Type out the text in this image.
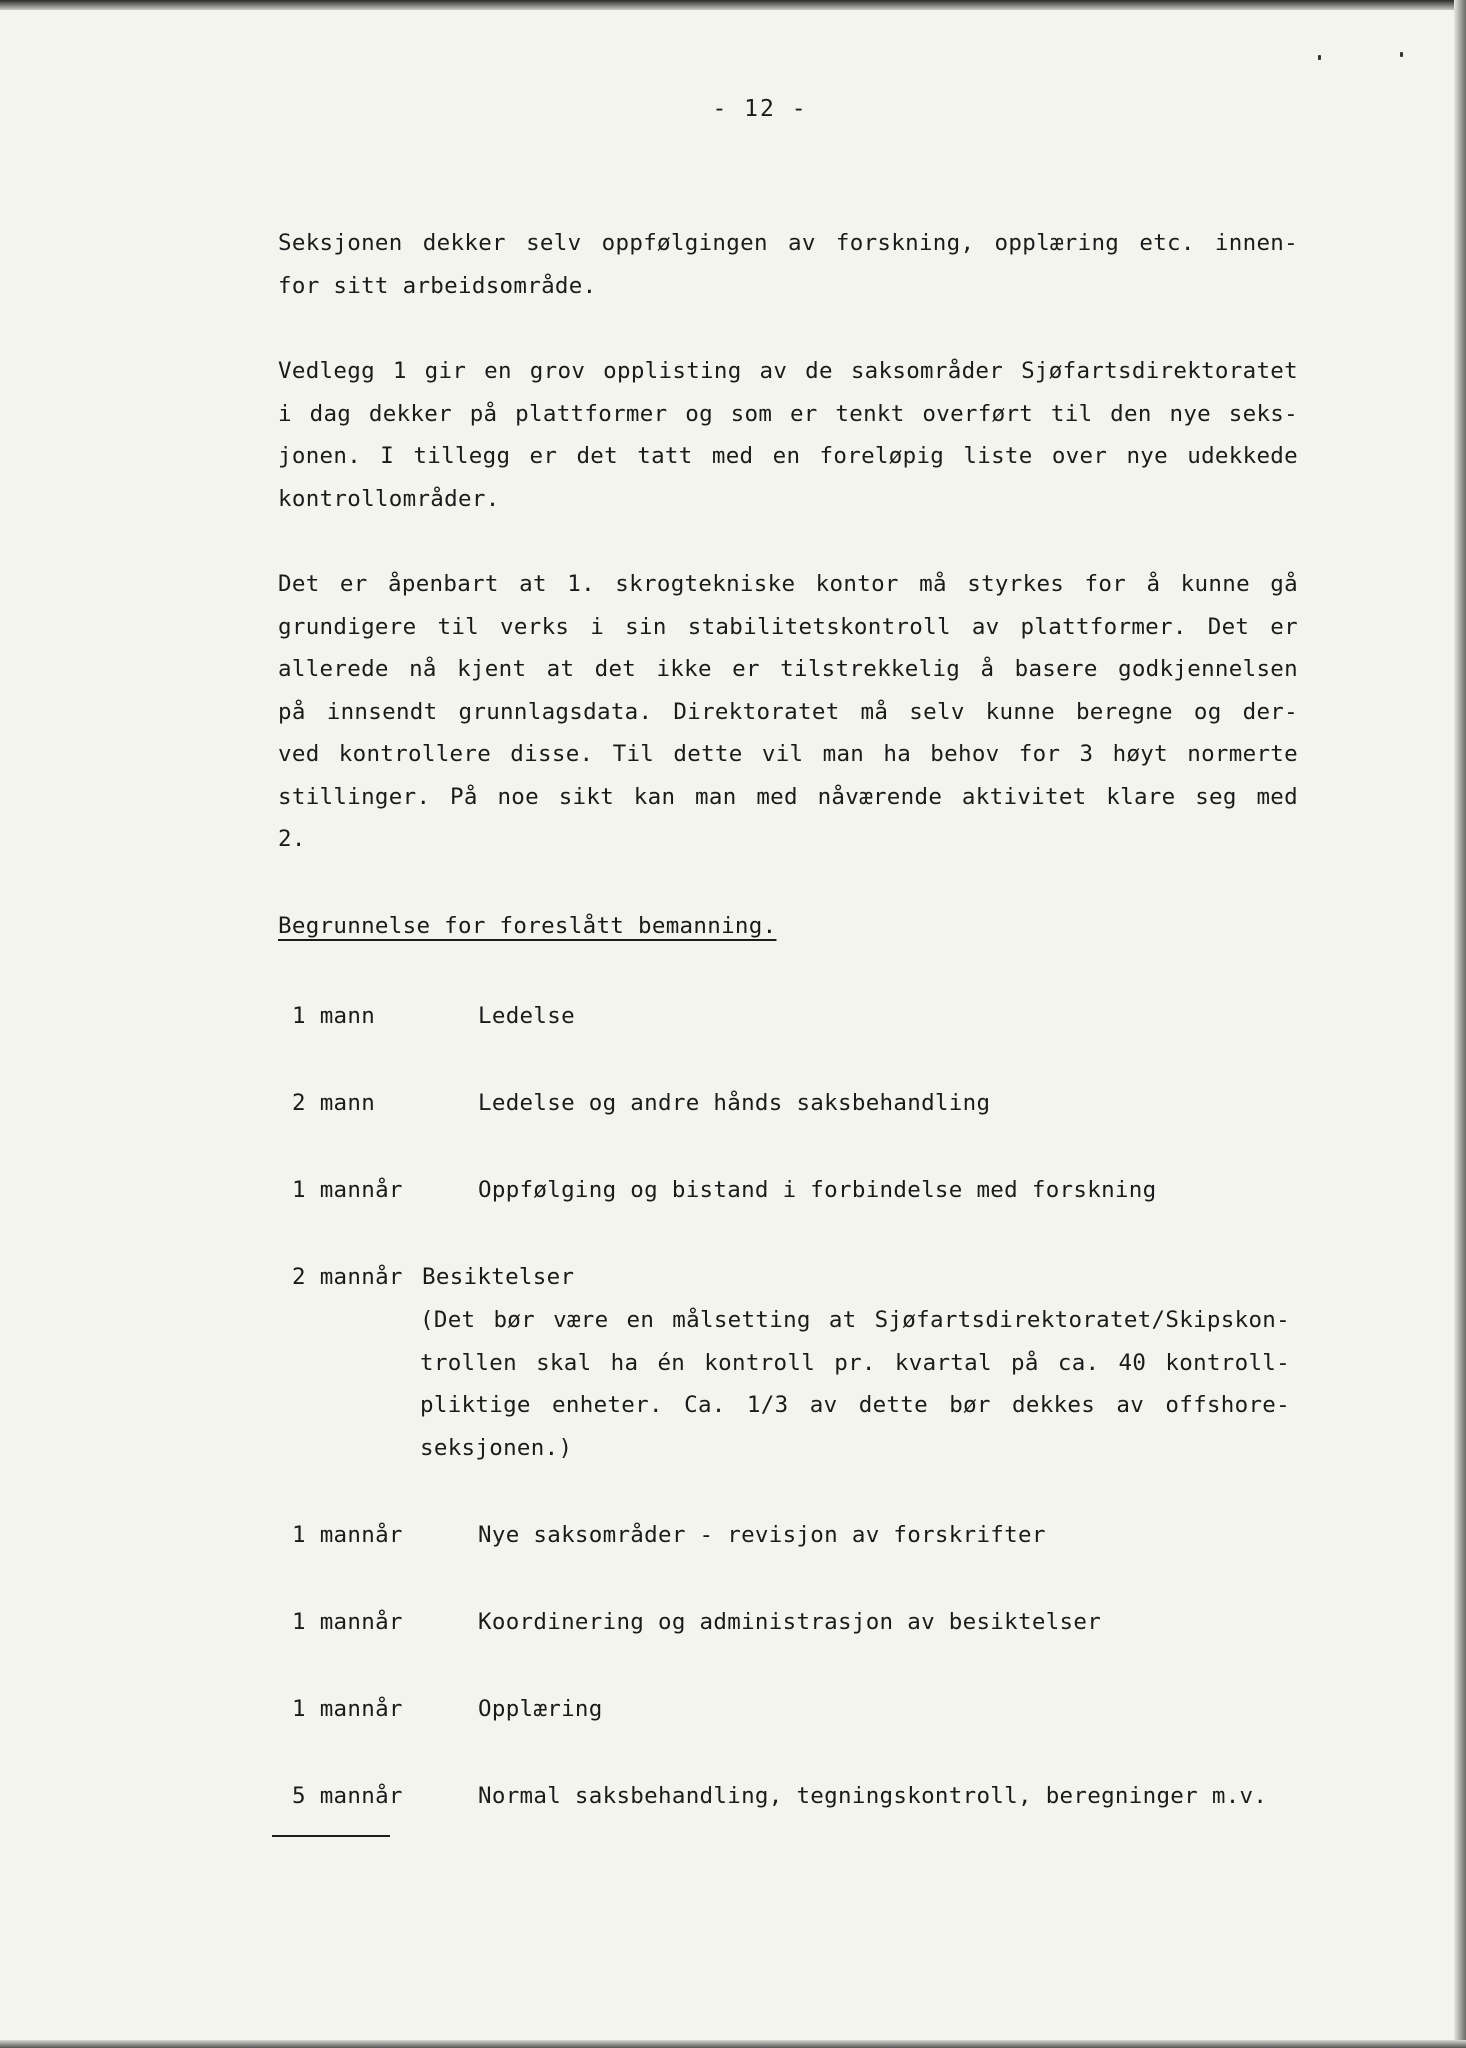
- 12 -
Seksjonen dekker selv oppfølgingen av forskning, opplæring etc. innen-
for sitt arbeidsområde.
Vedlegg 1 gir en grov opplisting av de saksområder Sjøfartsdirektoratet
i dag dekker på plattformer og som er tenkt overført til den nye seks-
jonen. I tillegg er det tatt med en foreløpig liste over nye udekkede
kontrollområder.
Det er åpenbart at 1. skrogtekniske kontor må styrkes for å kunne gå
grundigere til verks i sin stabilitetskontroll av plattformer. Det er
allerede nå kjent at det ikke er tilstrekkelig å basere godkjennelsen
på innsendt grunnlagsdata. Direktoratet må selv kunne beregne og der-
ved kontrollere disse. Til dette vil man ha behov for 3 høyt normerte
stillinger. På noe sikt kan man med nåværende aktivitet klare seg med
2.
Begrunnelse for foreslått bemanning.
1 mann	Ledelse
2 mann	Ledelse og andre hånds saksbehandling
1 mannår	Oppfølging og bistand i forbindelse med forskning
2 mannår Besiktelser
(Det bør være en målsetting at Sjøfartsdirektoratet/Skipskon-
trollen skal ha én kontroll pr. kvartal på ca. 40 kontroll-
pliktige enheter. Ca. 1/3 av dette bør dekkes av offshore-
seksjonen.)
1 mannår	Nye saksområder - revisjon av forskrifter
1 mannår	Koordinering og administrasjon av besiktelser
1 mannår	Opplæring
5 mannår	Normal saksbehandling, tegningskontroll, beregninger m.v.
